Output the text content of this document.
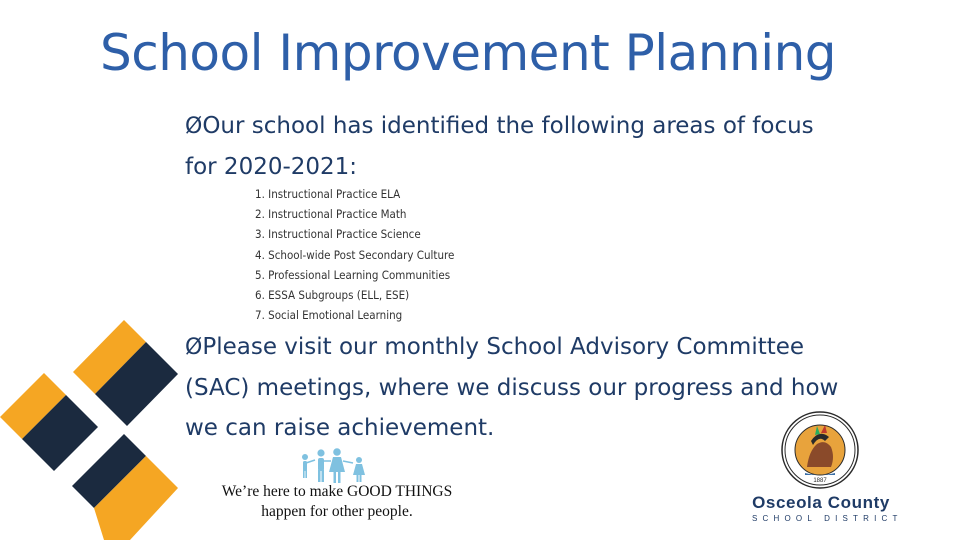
School Improvement Planning
ØOur school has identified the following areas of focus for 2020-2021:
1. Instructional Practice ELA
2. Instructional Practice Math
3. Instructional Practice Science
4. School-wide Post Secondary Culture
5. Professional Learning Communities
6. ESSA Subgroups (ELL, ESE)
7. Social Emotional Learning
ØPlease visit our monthly School Advisory Committee (SAC) meetings, where we discuss our progress and how we can raise achievement.
We’re here to make GOOD THINGS happen for other people.
1887
Osceola County
SCHOOL DISTRICT
